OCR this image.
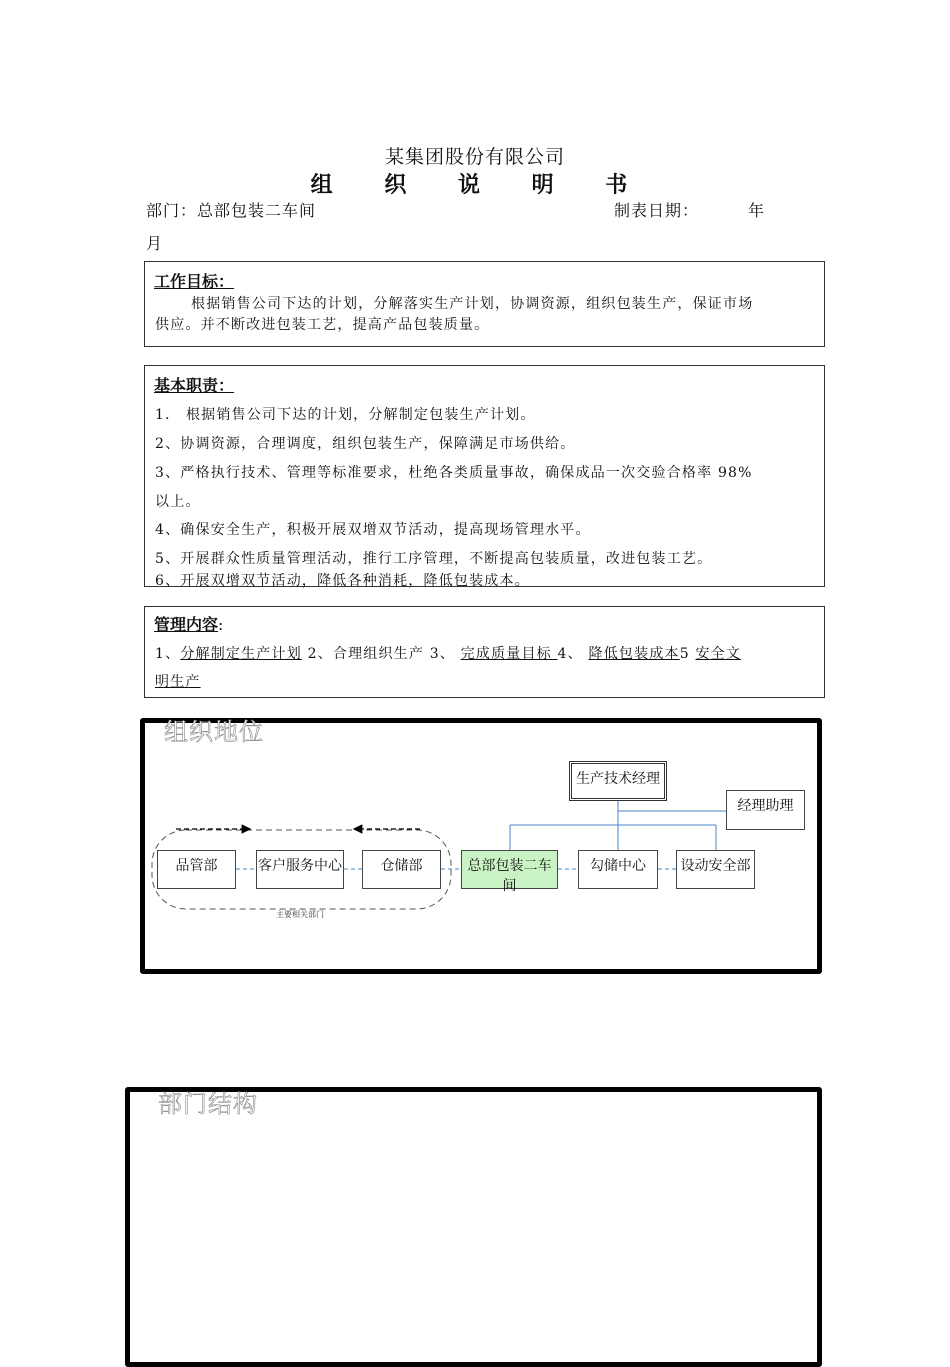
某集团股份有限公司
组 织 说 明 书
部门：总部包装二车间	制表日期：	年
月
工作目标：
根据销售公司下达的计划，分解落实生产计划，协调资源，组织包装生产，保证市场
供应。并不断改进包装工艺，提高产品包装质量。
基本职责：
1． 根据销售公司下达的计划，分解制定包装生产计划。
2、协调资源，合理调度，组织包装生产，保障满足市场供给。
3、严格执行技术、管理等标准要求，杜绝各类质量事故，确保成品一次交验合格率 98%
以上。
4、确保安全生产，积极开展双增双节活动，提高现场管理水平。
5、开展群众性质量管理活动，推行工序管理，不断提高包装质量，改进包装工艺。
6、开展双增双节活动，降低各种消耗，降低包装成本。
管理内容:
1、分解制定生产计划 2、合理组织生产 3、 完成质量目标 4、 降低包装成本5 安全文
明生产
组织地位
生产技术经理
经理助理
品管部	客户服务中心	仓储部	总部包装二车间
勾储中心	设动安全部
主要相关部门
部门结构
